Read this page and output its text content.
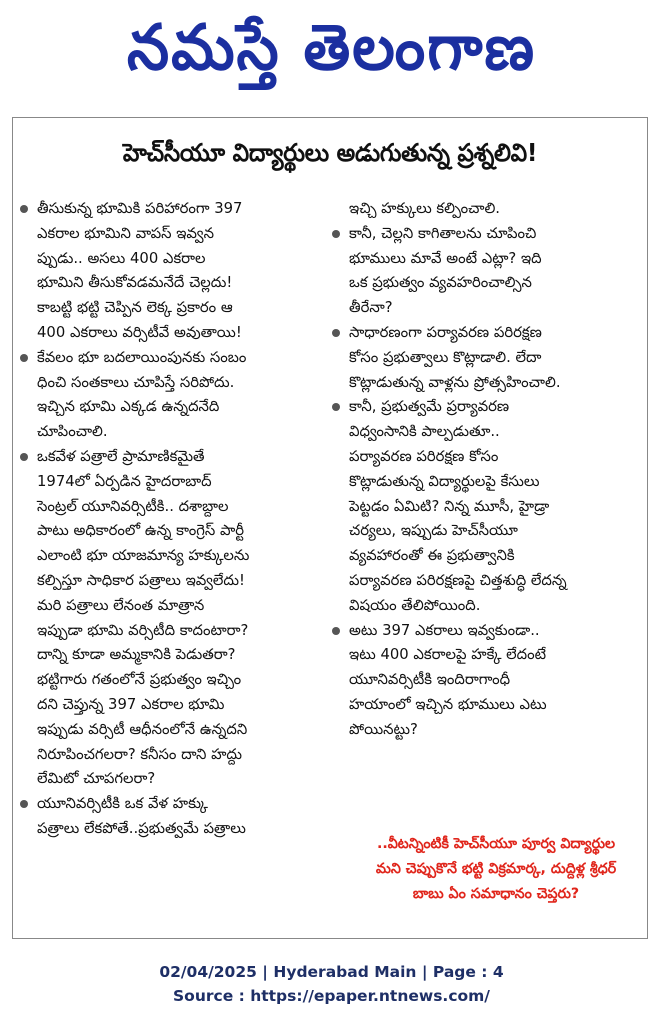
నమస్తే తెలంగాణ
హెచ్‌సీయూ విద్యార్థులు అడుగుతున్న ప్రశ్నలివి!
తీసుకున్న భూమికి పరిహారంగా 397
ఎకరాల భూమిని వాపస్ ఇవ్వన
ప్పుడు.. అసలు 400 ఎకరాల
భూమిని తీసుకోవడమనేదే చెల్లదు!
కాబట్టి భట్టి చెప్పిన లెక్క ప్రకారం ఆ
400 ఎకరాలు వర్సిటీవే అవుతాయి!
కేవలం భూ బదలాయింపునకు సంబం
ధించి సంతకాలు చూపిస్తే సరిపోదు.
ఇచ్చిన భూమి ఎక్కడ ఉన్నదనేది
చూపించాలి.
ఒకవేళ పత్రాలే ప్రామాణికమైతే
1974లో ఏర్పడిన హైదరాబాద్
సెంట్రల్ యూనివర్సిటీకి.. దశాబ్దాల
పాటు అధికారంలో ఉన్న కాంగ్రెస్ పార్టీ
ఎలాంటి భూ యాజమాన్య హక్కులను
కల్పిస్తూ సాధికార పత్రాలు ఇవ్వలేదు!
మరి పత్రాలు లేనంత మాత్రాన
ఇప్పుడా భూమి వర్సిటీది కాదంటారా?
దాన్ని కూడా అమ్మకానికి పెడుతరా?
భట్టిగారు గతంలోనే ప్రభుత్వం ఇచ్చిం
దని చెప్తున్న 397 ఎకరాల భూమి
ఇప్పుడు వర్సిటీ ఆధీనంలోనే ఉన్నదని
నిరూపించగలరా? కనీసం దాని హద్దు
లేమిటో చూపగలరా?
యూనివర్సిటీకి ఒక వేళ హక్కు
పత్రాలు లేకపోతే..ప్రభుత్వమే పత్రాలు
ఇచ్చి హక్కులు కల్పించాలి.
కానీ, చెల్లని కాగితాలను చూపించి
భూములు మావే అంటే ఎట్లా? ఇది
ఒక ప్రభుత్వం వ్యవహరించాల్సిన
తీరేనా?
సాధారణంగా పర్యావరణ పరిరక్షణ
కోసం ప్రభుత్వాలు కొట్లాడాలి. లేదా
కొట్లాడుతున్న వాళ్లను ప్రోత్సహించాలి.
కానీ, ప్రభుత్వమే ప్రర్యావరణ
విధ్వంసానికి పాల్పడుతూ..
పర్యావరణ పరిరక్షణ కోసం
కొట్లాడుతున్న విద్యార్థులపై కేసులు
పెట్టడం ఏమిటి? నిన్న మూసీ, హైడ్రా
చర్యలు, ఇప్పుడు హెచ్‌సీయూ
వ్యవహారంతో ఈ ప్రభుత్వానికి
పర్యావరణ పరిరక్షణపై చిత్తశుద్ధి లేదన్న
విషయం తేలిపోయింది.
అటు 397 ఎకరాలు ఇవ్వకుండా..
ఇటు 400 ఎకరాలపై హక్కే లేదంటే
యూనివర్సిటీకి ఇందిరాగాంధీ
హయాంలో ఇచ్చిన భూములు ఎటు
పోయినట్టు?
..వీటన్నింటికీ హెచ్‌సీయూ పూర్వ విద్యార్థుల
మని చెప్పుకొనే భట్టి విక్రమార్క, దుద్దిళ్ల శ్రీధర్
బాబు ఏం సమాధానం చెప్తరు?
02/04/2025 | Hyderabad Main | Page : 4
Source : https://epaper.ntnews.com/
